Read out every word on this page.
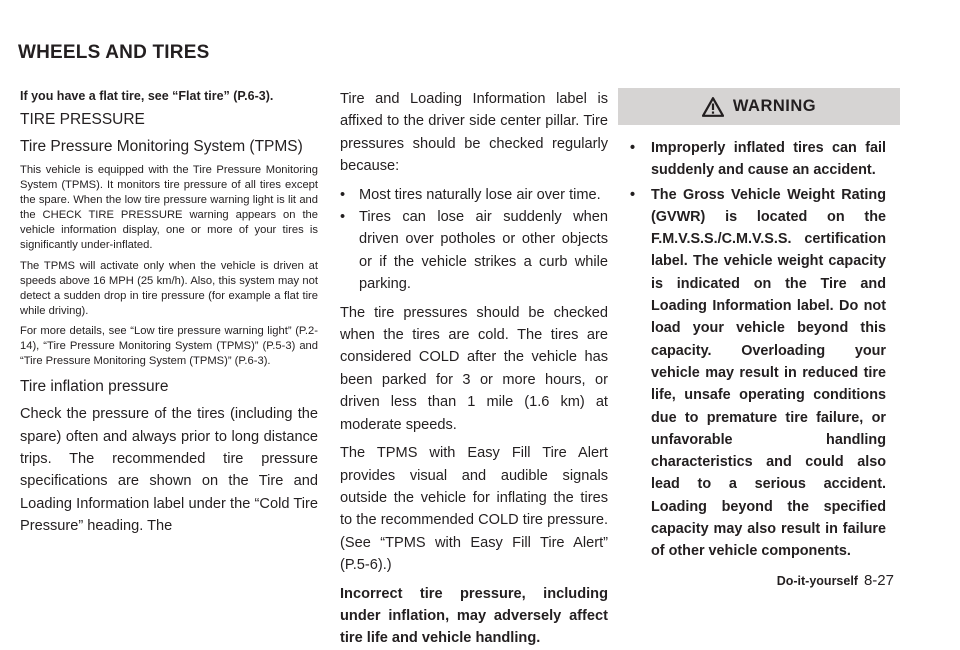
WHEELS AND TIRES

If you have a flat tire, see “Flat tire” (P.6-3).

TIRE PRESSURE

Tire Pressure Monitoring System (TPMS)

This vehicle is equipped with the Tire Pressure Monitoring System (TPMS). It monitors tire pressure of all tires except the spare. When the low tire pressure warning light is lit and the CHECK TIRE PRESSURE warning appears on the vehicle information display, one or more of your tires is significantly under-inflated.

The TPMS will activate only when the vehicle is driven at speeds above 16 MPH (25 km/h). Also, this system may not detect a sudden drop in tire pressure (for example a flat tire while driving).

For more details, see “Low tire pressure warning light” (P.2-14), “Tire Pressure Monitoring System (TPMS)” (P.5-3) and “Tire Pressure Monitoring System (TPMS)” (P.6-3).

Tire inflation pressure

Check the pressure of the tires (including the spare) often and always prior to long distance trips. The recommended tire pressure specifications are shown on the Tire and Loading Information label under the “Cold Tire Pressure” heading. The

Tire and Loading Information label is affixed to the driver side center pillar. Tire pressures should be checked regularly because:

• Most tires naturally lose air over time.
• Tires can lose air suddenly when driven over potholes or other objects or if the vehicle strikes a curb while parking.

The tire pressures should be checked when the tires are cold. The tires are considered COLD after the vehicle has been parked for 3 or more hours, or driven less than 1 mile (1.6 km) at moderate speeds.

The TPMS with Easy Fill Tire Alert provides visual and audible signals outside the vehicle for inflating the tires to the recommended COLD tire pressure. (See “TPMS with Easy Fill Tire Alert” (P.5-6).)

Incorrect tire pressure, including under inflation, may adversely affect tire life and vehicle handling.

WARNING
• Improperly inflated tires can fail suddenly and cause an accident.
• The Gross Vehicle Weight Rating (GVWR) is located on the F.M.V.S.S./C.M.V.S.S. certification label. The vehicle weight capacity is indicated on the Tire and Loading Information label. Do not load your vehicle beyond this capacity. Overloading your vehicle may result in reduced tire life, unsafe operating conditions due to premature tire failure, or unfavorable handling characteristics and could also lead to a serious accident. Loading beyond the specified capacity may also result in failure of other vehicle components.
Do-it-yourself 8-27
